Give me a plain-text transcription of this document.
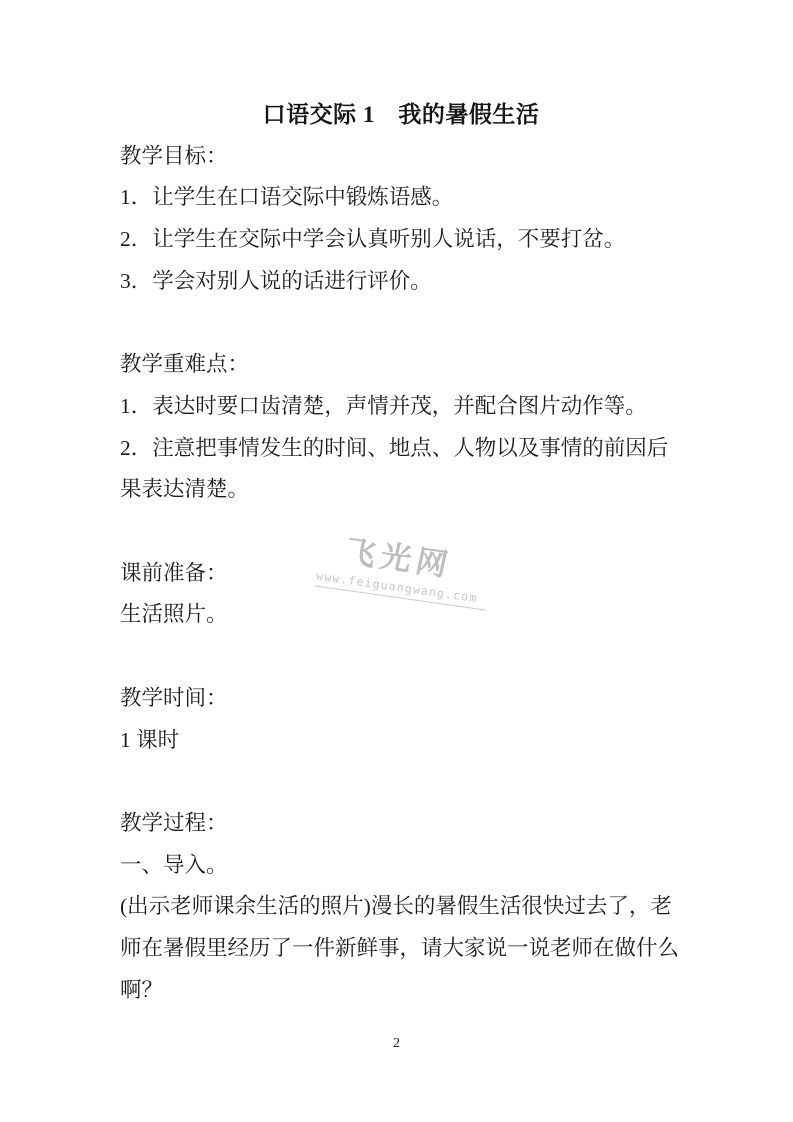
飞光网
www.feiguangwang.com
口语交际 1　我的暑假生活
教学目标：
1．让学生在口语交际中锻炼语感。
2．让学生在交际中学会认真听别人说话，不要打岔。
3．学会对别人说的话进行评价。
教学重难点：
1．表达时要口齿清楚，声情并茂，并配合图片动作等。
2．注意把事情发生的时间、地点、人物以及事情的前因后果表达清楚。
课前准备：
生活照片。
教学时间：
1 课时
教学过程：
一、导入。
(出示老师课余生活的照片)漫长的暑假生活很快过去了，老师在暑假里经历了一件新鲜事，请大家说一说老师在做什么啊？
2
